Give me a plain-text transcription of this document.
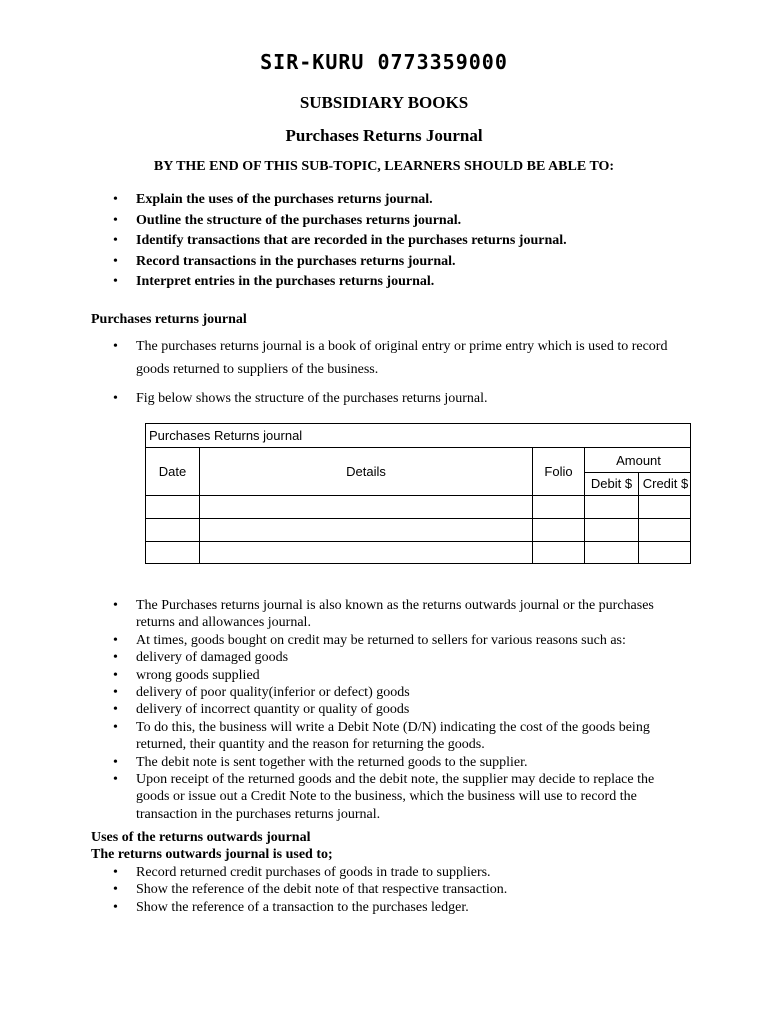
SIR-KURU 0773359000
SUBSIDIARY BOOKS
Purchases Returns Journal
BY THE END OF THIS SUB-TOPIC, LEARNERS SHOULD BE ABLE TO:
• Explain the uses of the purchases returns journal.
• Outline the structure of the purchases returns journal.
• Identify transactions that are recorded in the purchases returns journal.
• Record transactions in the purchases returns journal.
• Interpret entries in the purchases returns journal.
Purchases returns journal
• The purchases returns journal is a book of original entry or prime entry which is used to record goods returned to suppliers of the business.
• Fig below shows the structure of the purchases returns journal.
Purchases Returns journal
Date	Details	Folio
Amount
Debit $ Credit $
• The Purchases returns journal is also known as the returns outwards journal or the purchases returns and allowances journal.
• At times, goods bought on credit may be returned to sellers for various reasons such as:
• delivery of damaged goods
• wrong goods supplied
• delivery of poor quality(inferior or defect) goods
• delivery of incorrect quantity or quality of goods
• To do this, the business will write a Debit Note (D/N) indicating the cost of the goods being returned, their quantity and the reason for returning the goods.
• The debit note is sent together with the returned goods to the supplier.
• Upon receipt of the returned goods and the debit note, the supplier may decide to replace the goods or issue out a Credit Note to the business, which the business will use to record the transaction in the purchases returns journal.
Uses of the returns outwards journal
The returns outwards journal is used to;
• Record returned credit purchases of goods in trade to suppliers.
• Show the reference of the debit note of that respective transaction.
• Show the reference of a transaction to the purchases ledger.
